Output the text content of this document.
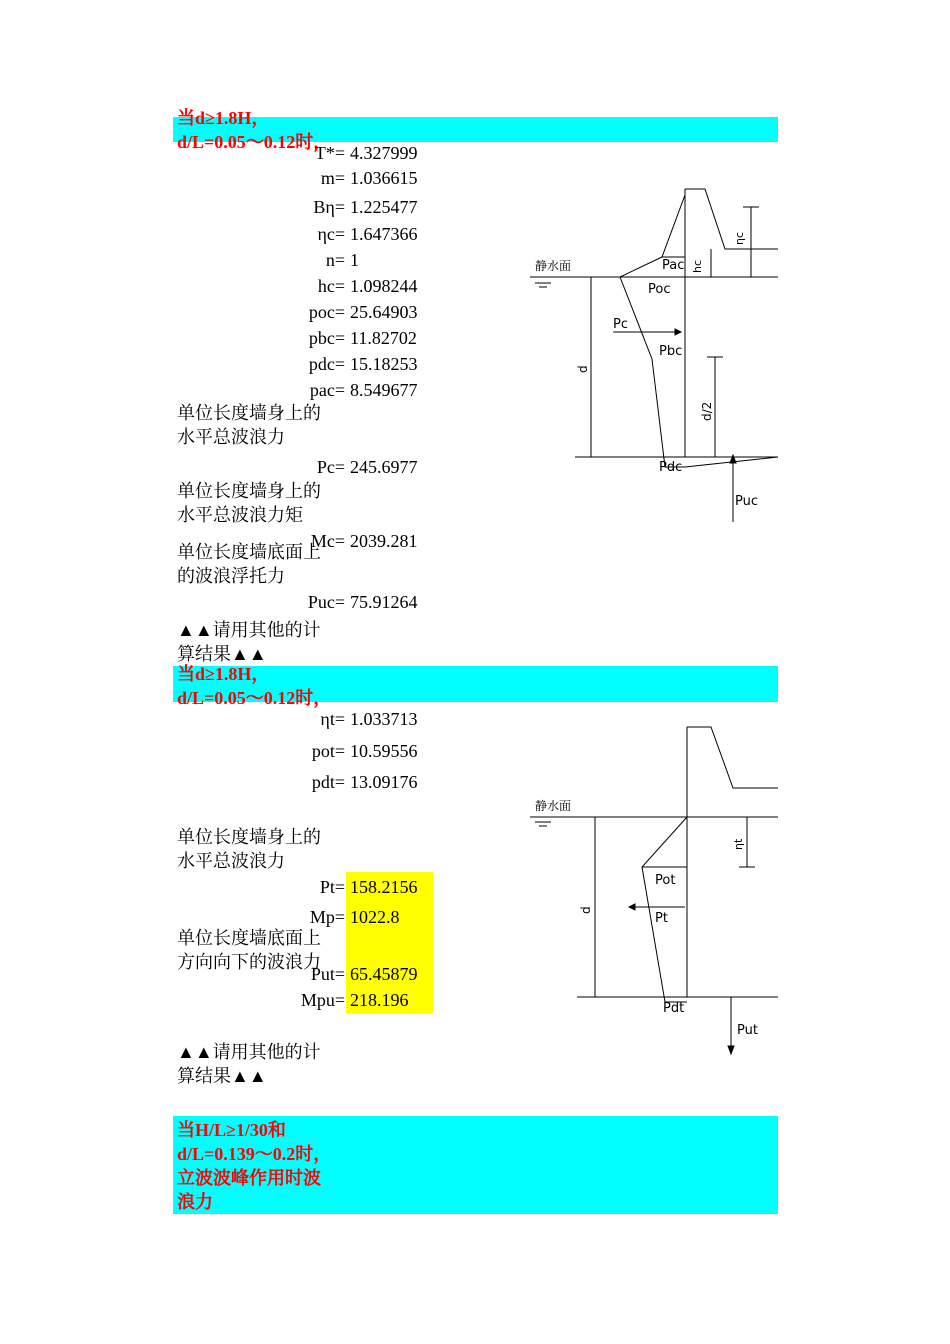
当d≥1.8H，
d/L=0.05～0.12时，
T*= 4.327999
m= 1.036615
Bη= 1.225477
ηc= 1.647366
n= 1
hc= 1.098244
poc= 25.64903
pbc= 11.82702
pdc= 15.18253
pac= 8.549677
单位长度墙身上的
水平总波浪力
Pc= 245.6977
单位长度墙身上的
水平总波浪力矩
Mc= 2039.281
单位长度墙底面上
的波浪浮托力
Puc= 75.91264
▲▲请用其他的计
算结果▲▲
静水面
ηc
hc
Pac
Poc
Pc
Pbc
d
d/2
Pdc
Puc
当d≥1.8H，
d/L=0.05～0.12时，
ηt= 1.033713
pot= 10.59556
pdt= 13.09176
单位长度墙身上的
水平总波浪力
Pt= 158.2156
Mp= 1022.8
单位长度墙底面上
方向向下的波浪力
Put= 65.45879
Mpu= 218.196
▲▲请用其他的计
算结果▲▲
静水面
ηt
Pot
Pt
d
Pdt
Put
当H/L≥1/30和
d/L=0.139～0.2时，
立波波峰作用时波
浪力
